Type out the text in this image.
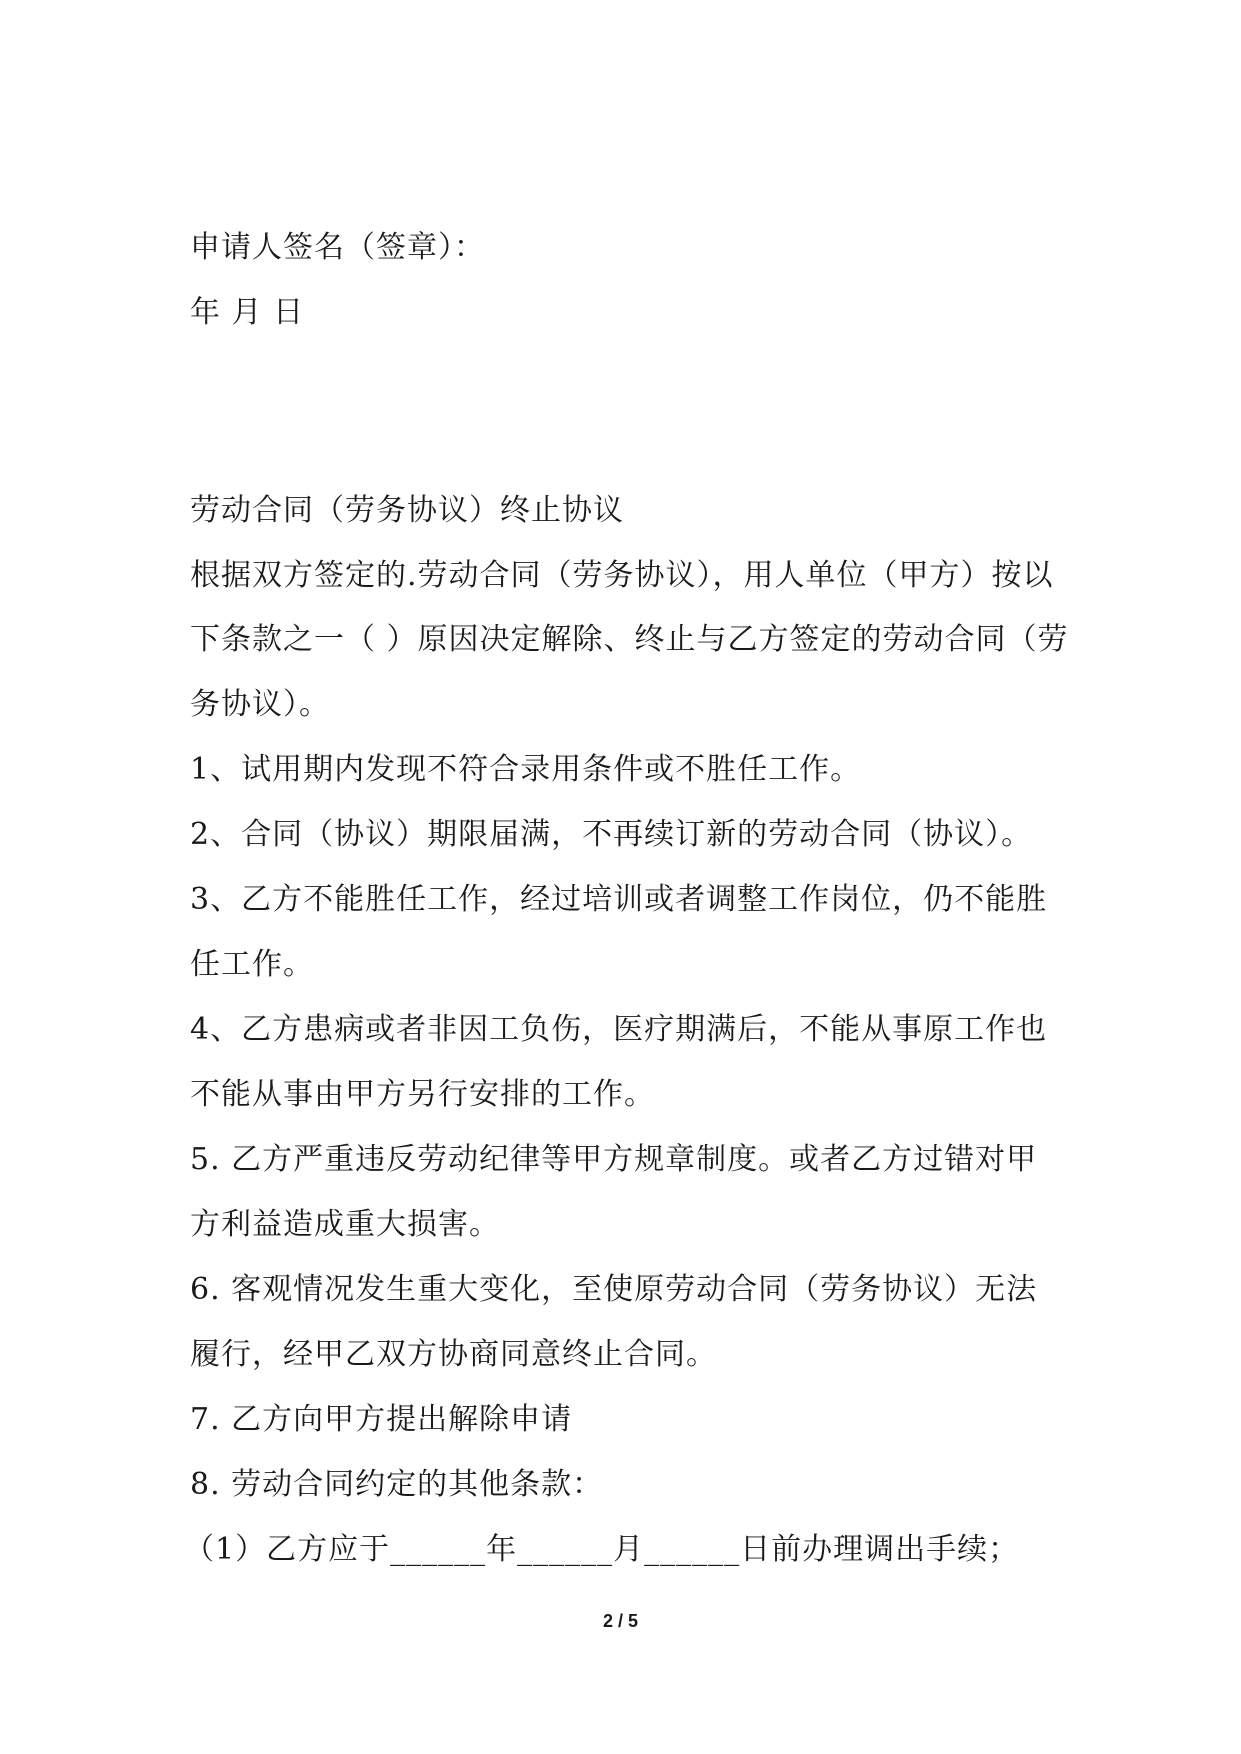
申请人签名（签章）：

年 月 日

劳动合同（劳务协议）终止协议

根据双方签定的.劳动合同（劳务协议），用人单位（甲方）按以

下条款之一（ ）原因决定解除、终止与乙方签定的劳动合同（劳

务协议）。

1、试用期内发现不符合录用条件或不胜任工作。

2、合同（协议）期限届满，不再续订新的劳动合同（协议）。

3、乙方不能胜任工作，经过培训或者调整工作岗位，仍不能胜

任工作。

4、乙方患病或者非因工负伤，医疗期满后，不能从事原工作也

不能从事由甲方另行安排的工作。

5. 乙方严重违反劳动纪律等甲方规章制度。或者乙方过错对甲

方利益造成重大损害。

6. 客观情况发生重大变化，至使原劳动合同（劳务协议）无法

履行，经甲乙双方协商同意终止合同。

7. 乙方向甲方提出解除申请

8. 劳动合同约定的其他条款：

（1）乙方应于______年______月______日前办理调出手续；

2 / 5
